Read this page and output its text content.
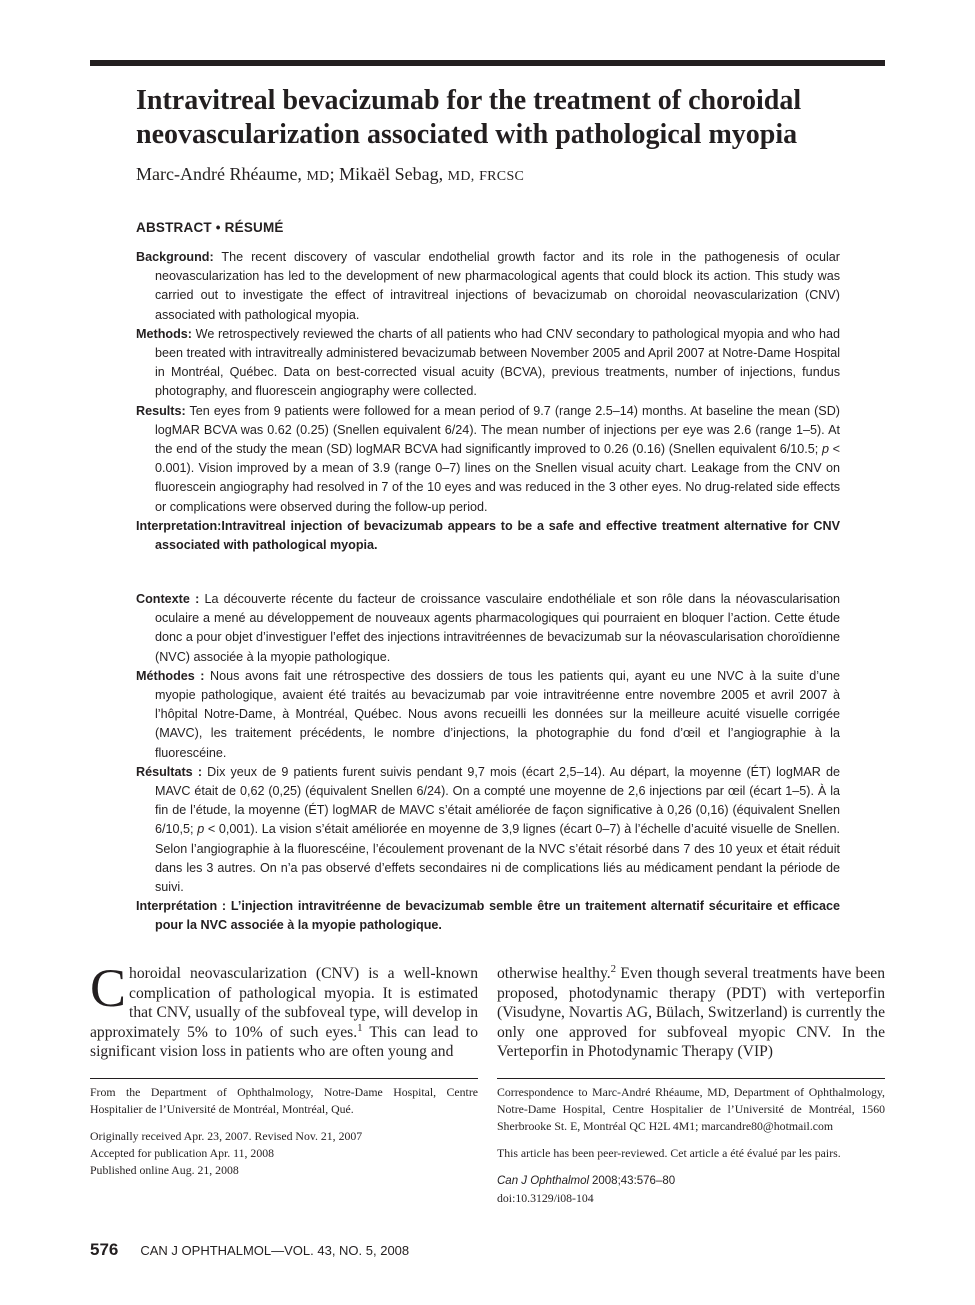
Intravitreal bevacizumab for the treatment of choroidal neovascularization associated with pathological myopia
Marc-André Rhéaume, MD; Mikaël Sebag, MD, FRCSC
ABSTRACT • RÉSUMÉ

Background: The recent discovery of vascular endothelial growth factor and its role in the pathogenesis of ocular neovascularization has led to the development of new pharmacological agents that could block its action. This study was carried out to investigate the effect of intravitreal injections of bevacizumab on choroidal neovascularization (CNV) associated with pathological myopia.

Methods: We retrospectively reviewed the charts of all patients who had CNV secondary to pathological myopia and who had been treated with intravitreally administered bevacizumab between November 2005 and April 2007 at Notre-Dame Hospital in Montréal, Québec. Data on best-corrected visual acuity (BCVA), previous treatments, number of injections, fundus photography, and fluorescein angiography were collected.

Results: Ten eyes from 9 patients were followed for a mean period of 9.7 (range 2.5–14) months. At baseline the mean (SD) logMAR BCVA was 0.62 (0.25) (Snellen equivalent 6/24). The mean number of injections per eye was 2.6 (range 1–5). At the end of the study the mean (SD) logMAR BCVA had significantly improved to 0.26 (0.16) (Snellen equivalent 6/10.5; p < 0.001). Vision improved by a mean of 3.9 (range 0–7) lines on the Snellen visual acuity chart. Leakage from the CNV on fluorescein angiography had resolved in 7 of the 10 eyes and was reduced in the 3 other eyes. No drug-related side effects or complications were observed during the follow-up period.

Interpretation:Intravitreal injection of bevacizumab appears to be a safe and effective treatment alternative for CNV associated with pathological myopia.

Contexte : La découverte récente du facteur de croissance vasculaire endothéliale et son rôle dans la néovascularisation oculaire a mené au développement de nouveaux agents pharmacologiques qui pourraient en bloquer l’action. Cette étude donc a pour objet d’investiguer l’effet des injections intravitréennes de bevacizumab sur la néovascularisation choroïdienne (NVC) associée à la myopie pathologique.

Méthodes : Nous avons fait une rétrospective des dossiers de tous les patients qui, ayant eu une NVC à la suite d’une myopie pathologique, avaient été traités au bevacizumab par voie intravitréenne entre novembre 2005 et avril 2007 à l’hôpital Notre-Dame, à Montréal, Québec. Nous avons recueilli les données sur la meilleure acuité visuelle corrigée (MAVC), les traitement précédents, le nombre d’injections, la photographie du fond d’œil et l’angiographie à la fluorescéine.

Résultats : Dix yeux de 9 patients furent suivis pendant 9,7 mois (écart 2,5–14). Au départ, la moyenne (ÉT) logMAR de MAVC était de 0,62 (0,25) (équivalent Snellen 6/24). On a compté une moyenne de 2,6 injections par œil (écart 1–5). À la fin de l’étude, la moyenne (ÉT) logMAR de MAVC s’était améliorée de façon significative à 0,26 (0,16) (équivalent Snellen 6/10,5; p < 0,001). La vision s’était améliorée en moyenne de 3,9 lignes (écart 0–7) à l’échelle d’acuité visuelle de Snellen. Selon l’angiographie à la fluorescéine, l’écoulement provenant de la NVC s’était résorbé dans 7 des 10 yeux et était réduit dans les 3 autres. On n’a pas observé d’effets secondaires ni de complications liés au médicament pendant la période de suivi.

Interprétation : L’injection intravitréenne de bevacizumab semble être un traitement alternatif sécuritaire et efficace pour la NVC associée à la myopie pathologique.

Choroidal neovascularization (CNV) is a well-known complication of pathological myopia. It is estimated that CNV, usually of the subfoveal type, will develop in approximately 5% to 10% of such eyes.$^1$ This can lead to significant vision loss in patients who are often young and

otherwise healthy.$^2$ Even though several treatments have been proposed, photodynamic therapy (PDT) with verteporfin (Visudyne, Novartis AG, Bülach, Switzerland) is currently the only one approved for subfoveal myopic CNV. In the Verteporfin in Photodynamic Therapy (VIP)

From the Department of Ophthalmology, Notre-Dame Hospital, Centre Hospitalier de l’Université de Montréal, Montréal, Qué.

Originally received Apr. 23, 2007. Revised Nov. 21, 2007

Accepted for publication Apr. 11, 2008

Published online Aug. 21, 2008

Correspondence to Marc-André Rhéaume, MD, Department of Ophthalmology, Notre-Dame Hospital, Centre Hospitalier de l’Université de Montréal, 1560 Sherbrooke St. E, Montréal QC H2L 4M1; marcandre80@hotmail.com

This article has been peer-reviewed. Cet article a été évalué par les pairs.

Can J Ophthalmol 2008;43:576–80

doi:10.3129/i08-104

576 CAN J OPHTHALMOL—VOL. 43, NO. 5, 2008
